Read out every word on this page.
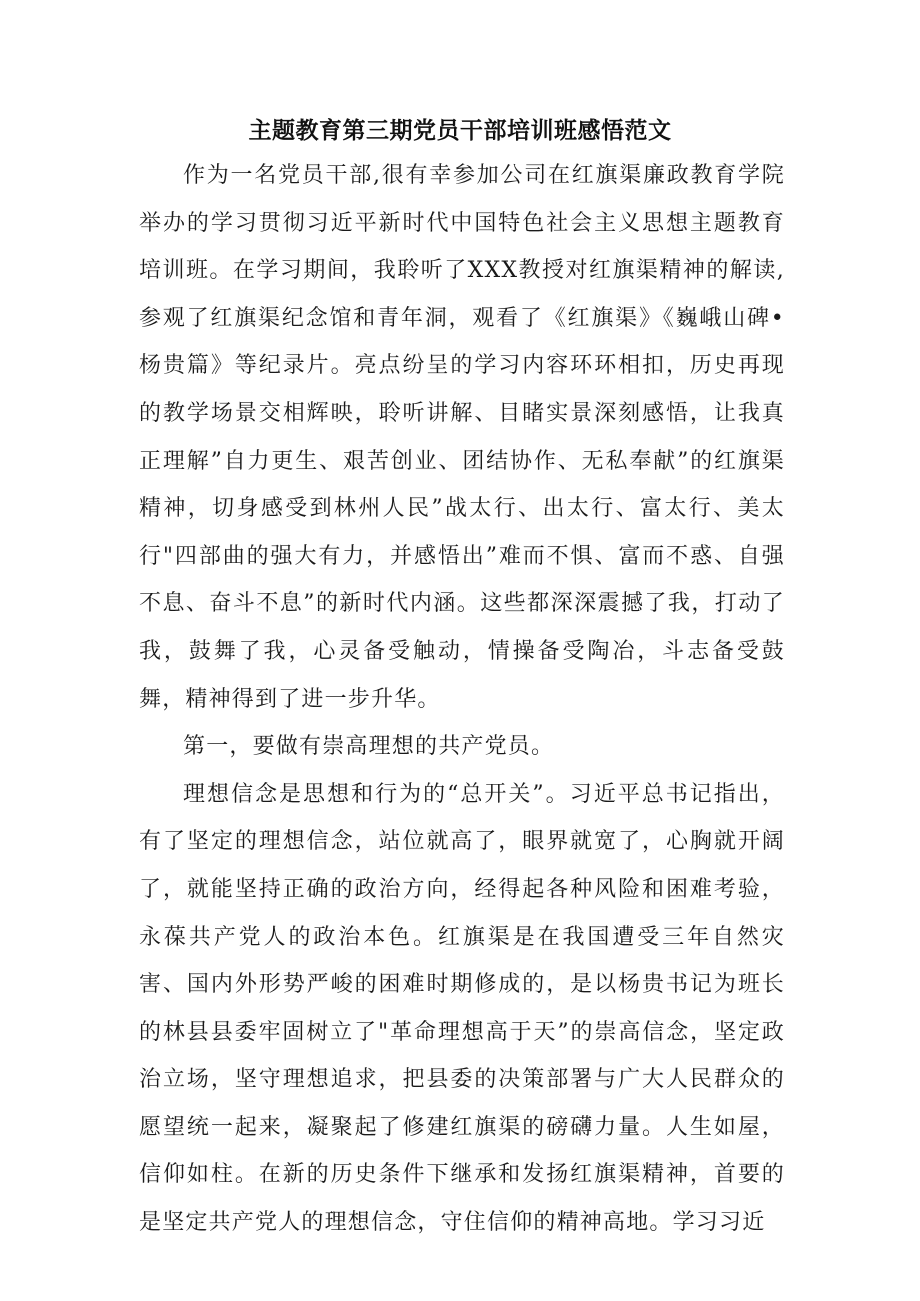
主题教育第三期党员干部培训班感悟范文

作为一名党员干部,很有幸参加公司在红旗渠廉政教育学院举办的学习贯彻习近平新时代中国特色社会主义思想主题教育培训班。在学习期间，我聆听了XXX教授对红旗渠精神的解读,参观了红旗渠纪念馆和青年洞，观看了《红旗渠》《巍峨山碑•杨贵篇》等纪录片。亮点纷呈的学习内容环环相扣，历史再现的教学场景交相辉映，聆听讲解、目睹实景深刻感悟，让我真正理解”自力更生、艰苦创业、团结协作、无私奉献”的红旗渠精神，切身感受到林州人民”战太行、出太行、富太行、美太行"四部曲的强大有力，并感悟出”难而不惧、富而不惑、自强不息、奋斗不息”的新时代内涵。这些都深深震撼了我，打动了我，鼓舞了我，心灵备受触动，情操备受陶冶，斗志备受鼓舞，精神得到了进一步升华。

第一，要做有崇高理想的共产党员。

理想信念是思想和行为的“总开关”。习近平总书记指出，有了坚定的理想信念，站位就高了，眼界就宽了，心胸就开阔了，就能坚持正确的政治方向，经得起各种风险和困难考验，永葆共产党人的政治本色。红旗渠是在我国遭受三年自然灾害、国内外形势严峻的困难时期修成的，是以杨贵书记为班长的林县县委牢固树立了"革命理想高于天”的崇高信念，坚定政治立场，坚守理想追求，把县委的决策部署与广大人民群众的愿望统一起来，凝聚起了修建红旗渠的磅礴力量。人生如屋，信仰如柱。在新的历史条件下继承和发扬红旗渠精神，首要的是坚定共产党人的理想信念，守住信仰的精神高地。学习习近
